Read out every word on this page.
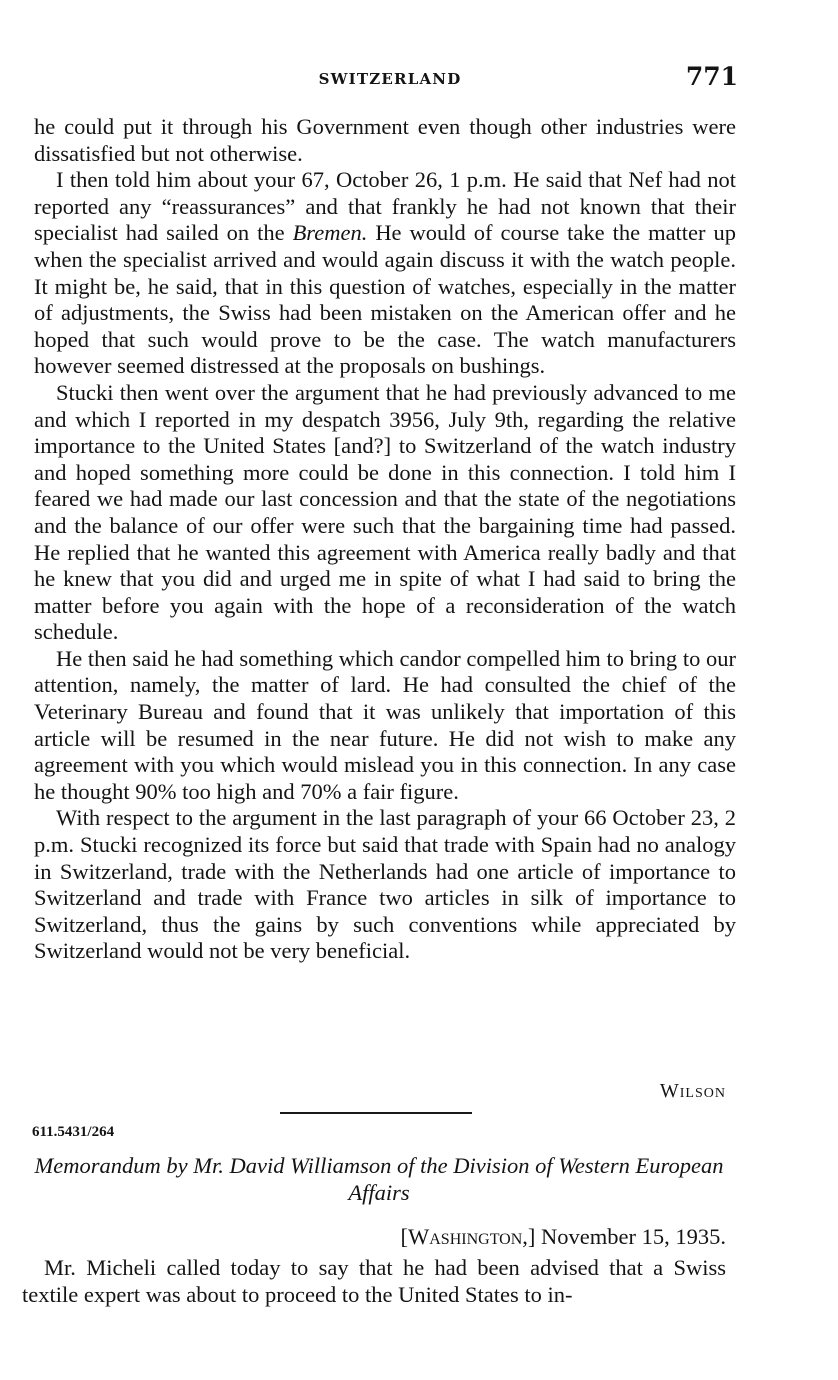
SWITZERLAND	771

he could put it through his Government even though other industries were dissatisfied but not otherwise.

I then told him about your 67, October 26, 1 p.m. He said that Nef had not reported any “reassurances” and that frankly he had not known that their specialist had sailed on the Bremen. He would of course take the matter up when the specialist arrived and would again discuss it with the watch people. It might be, he said, that in this question of watches, especially in the matter of adjustments, the Swiss had been mistaken on the American offer and he hoped that such would prove to be the case. The watch manufacturers however seemed distressed at the proposals on bushings.

Stucki then went over the argument that he had previously advanced to me and which I reported in my despatch 3956, July 9th, regarding the relative importance to the United States [and?] to Switzerland of the watch industry and hoped something more could be done in this connection. I told him I feared we had made our last concession and that the state of the negotiations and the balance of our offer were such that the bargaining time had passed. He replied that he wanted this agreement with America really badly and that he knew that you did and urged me in spite of what I had said to bring the matter before you again with the hope of a reconsideration of the watch schedule.

He then said he had something which candor compelled him to bring to our attention, namely, the matter of lard. He had consulted the chief of the Veterinary Bureau and found that it was unlikely that importation of this article will be resumed in the near future. He did not wish to make any agreement with you which would mislead you in this connection. In any case he thought 90% too high and 70% a fair figure.

With respect to the argument in the last paragraph of your 66 October 23, 2 p.m. Stucki recognized its force but said that trade with Spain had no analogy in Switzerland, trade with the Netherlands had one article of importance to Switzerland and trade with France two articles in silk of importance to Switzerland, thus the gains by such conventions while appreciated by Switzerland would not be very beneficial.

Wilson
611.5431/264
Memorandum by Mr. David Williamson of the Division of Western European Affairs
[Washington,] November 15, 1935.

Mr. Micheli called today to say that he had been advised that a Swiss textile expert was about to proceed to the United States to in-
